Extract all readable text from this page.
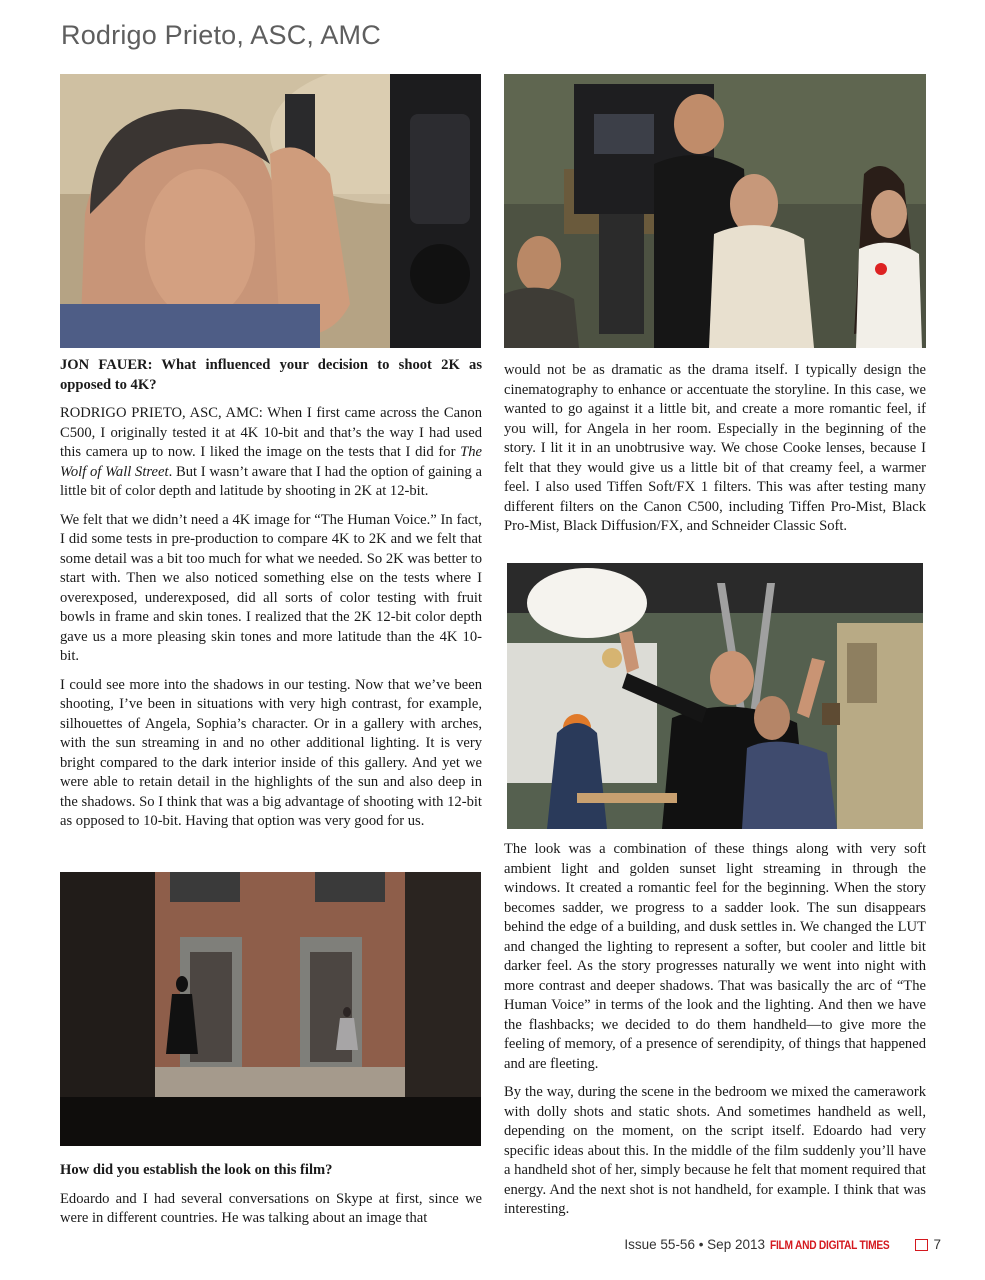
Rodrigo Prieto, ASC, AMC

JON FAUER: What influenced your decision to shoot 2K as opposed to 4K?

RODRIGO PRIETO, ASC, AMC: When I first came across the Canon C500, I originally tested it at 4K 10-bit and that’s the way I had used this camera up to now. I liked the image on the tests that I did for The Wolf of Wall Street. But I wasn’t aware that I had the option of gaining a little bit of color depth and latitude by shooting in 2K at 12-bit.

We felt that we didn’t need a 4K image for “The Human Voice.” In fact, I did some tests in pre-production to compare 4K to 2K and we felt that some detail was a bit too much for what we needed. So 2K was better to start with. Then we also noticed something else on the tests where I overexposed, underexposed, did all sorts of color testing with fruit bowls in frame and skin tones. I realized that the 2K 12-bit color depth gave us a more pleasing skin tones and more latitude than the 4K 10-bit.

I could see more into the shadows in our testing. Now that we’ve been shooting, I’ve been in situations with very high contrast, for example, silhouettes of Angela, Sophia’s character. Or in a gallery with arches, with the sun streaming in and no other additional lighting. It is very bright compared to the dark interior inside of this gallery. And yet we were able to retain detail in the highlights of the sun and also deep in the shadows. So I think that was a big advantage of shooting with 12-bit as opposed to 10-bit. Having that option was very good for us.

How did you establish the look on this film?

Edoardo and I had several conversations on Skype at first, since we were in different countries. He was talking about an image that

would not be as dramatic as the drama itself. I typically design the cinematography to enhance or accentuate the storyline. In this case, we wanted to go against it a little bit, and create a more romantic feel, if you will, for Angela in her room. Especially in the beginning of the story. I lit it in an unobtrusive way. We chose Cooke lenses, because I felt that they would give us a little bit of that creamy feel, a warmer feel. I also used Tiffen Soft/FX 1 filters. This was after testing many different filters on the Canon C500, including Tiffen Pro-Mist, Black Pro-Mist, Black Diffusion/FX, and Schneider Classic Soft.

The look was a combination of these things along with very soft ambient light and golden sunset light streaming in through the windows. It created a romantic feel for the beginning. When the story becomes sadder, we progress to a sadder look. The sun disappears behind the edge of a building, and dusk settles in. We changed the LUT and changed the lighting to represent a softer, but cooler and little bit darker feel. As the story progresses naturally we went into night with more contrast and deeper shadows. That was basically the arc of “The Human Voice” in terms of the look and the lighting. And then we have the flashbacks; we decided to do them handheld—to give more the feeling of memory, of a presence of serendipity, of things that happened and are fleeting.

By the way, during the scene in the bedroom we mixed the camerawork with dolly shots and static shots. And sometimes handheld as well, depending on the moment, on the script itself. Edoardo had very specific ideas about this. In the middle of the film suddenly you’ll have a handheld shot of her, simply because he felt that moment required that energy. And the next shot is not handheld, for example. I think that was interesting.

Issue 55-56 • Sep 2013 FILM AND DIGITAL TIMES	7
